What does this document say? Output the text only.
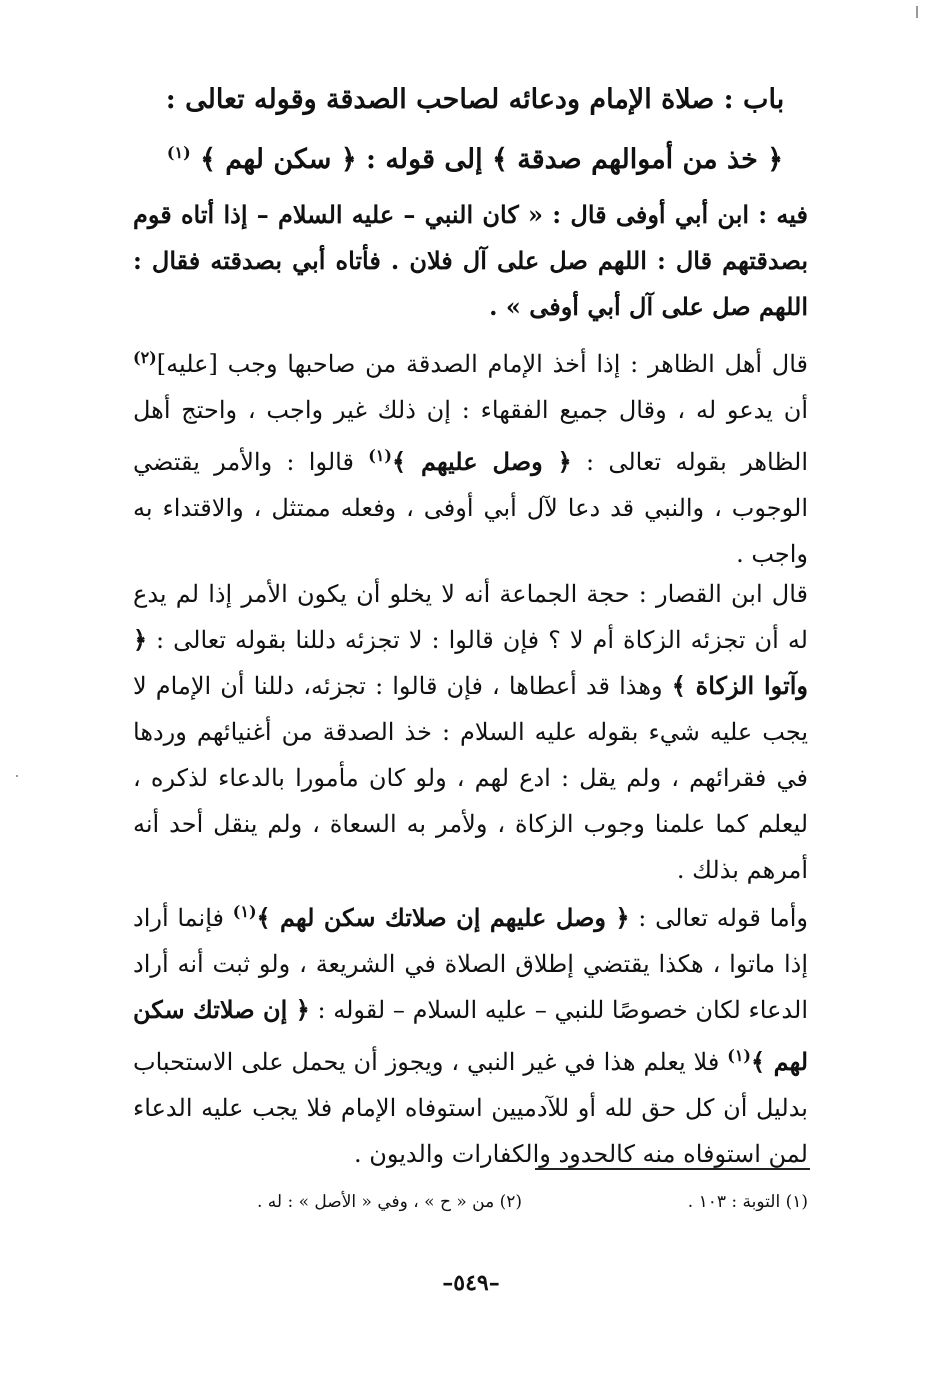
باب : صلاة الإمام ودعائه لصاحب الصدقة وقوله تعالى :
﴿ خذ من أموالهم صدقة ﴾ إلى قوله : ﴿ سكن لهم ﴾ $^{(١)}$
فيه : ابن أبي أوفى قال : « كان النبي – عليه السلام – إذا أتاه قوم بصدقتهم قال : اللهم صل على آل فلان . فأتاه أبي بصدقته فقال : اللهم صل على آل أبي أوفى » .
قال أهل الظاهر : إذا أخذ الإمام الصدقة من صاحبها وجب [عليه]$^{(٢)}$ أن يدعو له ، وقال جميع الفقهاء : إن ذلك غير واجب ، واحتج أهل الظاهر بقوله تعالى : ﴿ وصل عليهم ﴾$^{(١)}$ قالوا : والأمر يقتضي الوجوب ، والنبي قد دعا لآل أبي أوفى ، وفعله ممتثل ، والاقتداء به واجب .
قال ابن القصار : حجة الجماعة أنه لا يخلو أن يكون الأمر إذا لم يدع له أن تجزئه الزكاة أم لا ؟ فإن قالوا : لا تجزئه دللنا بقوله تعالى : ﴿ وآتوا الزكاة ﴾ وهذا قد أعطاها ، فإن قالوا : تجزئه، دللنا أن الإمام لا يجب عليه شيء بقوله عليه السلام : خذ الصدقة من أغنيائهم وردها في فقرائهم ، ولم يقل : ادع لهم ، ولو كان مأمورا بالدعاء لذكره ، ليعلم كما علمنا وجوب الزكاة ، ولأمر به السعاة ، ولم ينقل أحد أنه أمرهم بذلك .
وأما قوله تعالى : ﴿ وصل عليهم إن صلاتك سكن لهم ﴾$^{(١)}$ فإنما أراد إذا ماتوا ، هكذا يقتضي إطلاق الصلاة في الشريعة ، ولو ثبت أنه أراد الدعاء لكان خصوصًا للنبي – عليه السلام – لقوله : ﴿ إن صلاتك سكن لهم ﴾$^{(١)}$ فلا يعلم هذا في غير النبي ، ويجوز أن يحمل على الاستحباب بدليل أن كل حق لله أو للآدميين استوفاه الإمام فلا يجب عليه الدعاء لمن استوفاه منه كالحدود والكفارات والديون .
(١) التوبة : ١٠٣ .
(٢) من « ح » ، وفي « الأصل » : له .
–٥٤٩–
